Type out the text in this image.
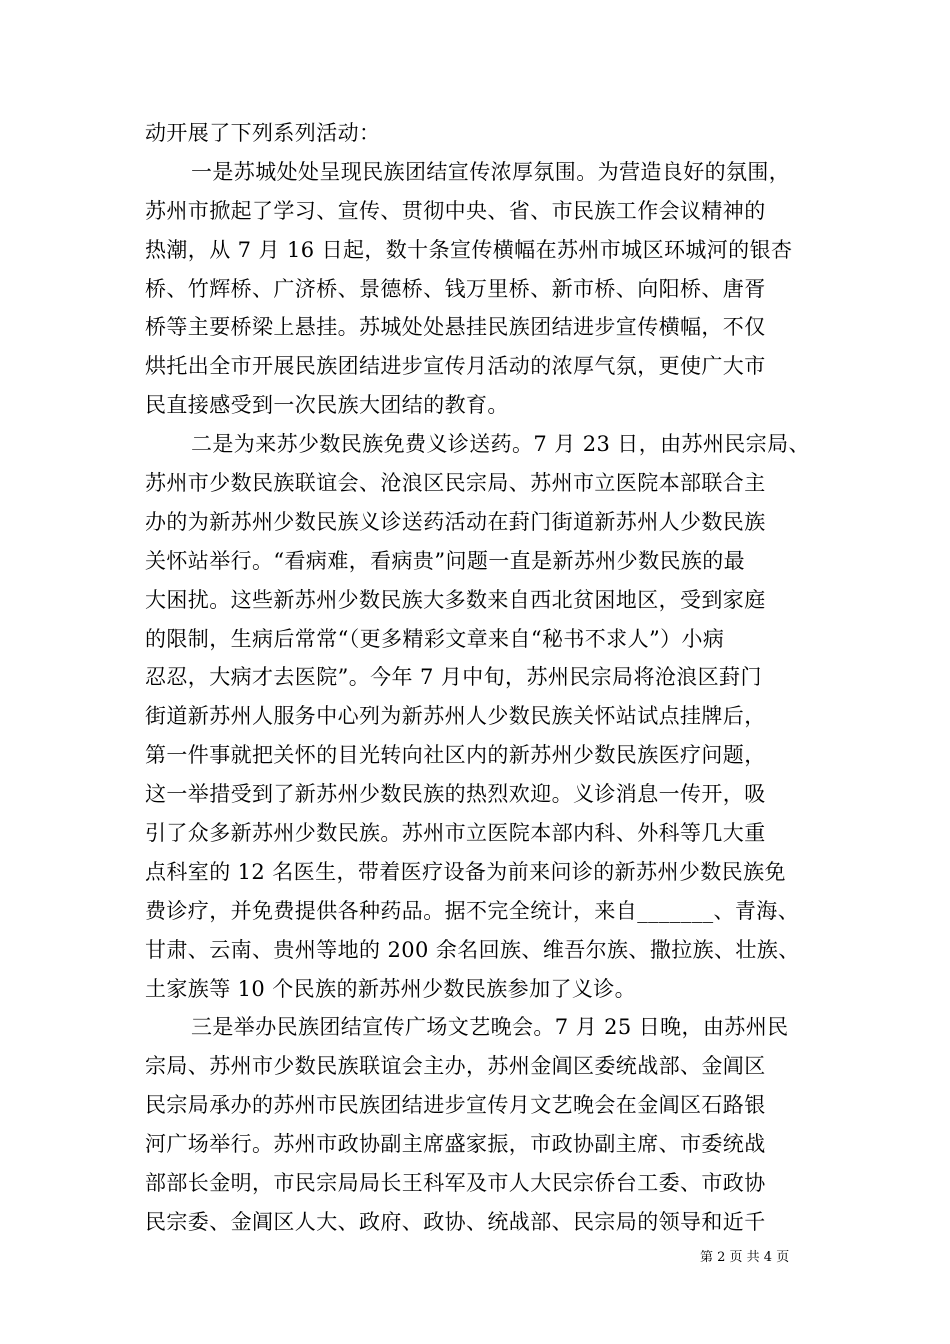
动开展了下列系列活动：
一是苏城处处呈现民族团结宣传浓厚氛围。为营造良好的氛围，
苏州市掀起了学习、宣传、贯彻中央、省、市民族工作会议精神的
热潮，从 7 月 16 日起，数十条宣传横幅在苏州市城区环城河的银杏
桥、竹辉桥、广济桥、景德桥、钱万里桥、新市桥、向阳桥、唐胥
桥等主要桥梁上悬挂。苏城处处悬挂民族团结进步宣传横幅，不仅
烘托出全市开展民族团结进步宣传月活动的浓厚气氛，更使广大市
民直接感受到一次民族大团结的教育。
二是为来苏少数民族免费义诊送药。7 月 23 日，由苏州民宗局、
苏州市少数民族联谊会、沧浪区民宗局、苏州市立医院本部联合主
办的为新苏州少数民族义诊送药活动在葑门街道新苏州人少数民族
关怀站举行。“看病难，看病贵”问题一直是新苏州少数民族的最
大困扰。这些新苏州少数民族大多数来自西北贫困地区，受到家庭
的限制，生病后常常“（更多精彩文章来自“秘书不求人”）小病
忍忍，大病才去医院”。今年 7 月中旬，苏州民宗局将沧浪区葑门
街道新苏州人服务中心列为新苏州人少数民族关怀站试点挂牌后，
第一件事就把关怀的目光转向社区内的新苏州少数民族医疗问题，
这一举措受到了新苏州少数民族的热烈欢迎。义诊消息一传开，吸
引了众多新苏州少数民族。苏州市立医院本部内科、外科等几大重
点科室的 12 名医生，带着医疗设备为前来问诊的新苏州少数民族免
费诊疗，并免费提供各种药品。据不完全统计，来自_______、青海、
甘肃、云南、贵州等地的 200 余名回族、维吾尔族、撒拉族、壮族、
土家族等 10 个民族的新苏州少数民族参加了义诊。
三是举办民族团结宣传广场文艺晚会。7 月 25 日晚，由苏州民
宗局、苏州市少数民族联谊会主办，苏州金阊区委统战部、金阊区
民宗局承办的苏州市民族团结进步宣传月文艺晚会在金阊区石路银
河广场举行。苏州市政协副主席盛家振，市政协副主席、市委统战
部部长金明，市民宗局局长王科军及市人大民宗侨台工委、市政协
民宗委、金阊区人大、政府、政协、统战部、民宗局的领导和近千
第 2 页 共 4 页
